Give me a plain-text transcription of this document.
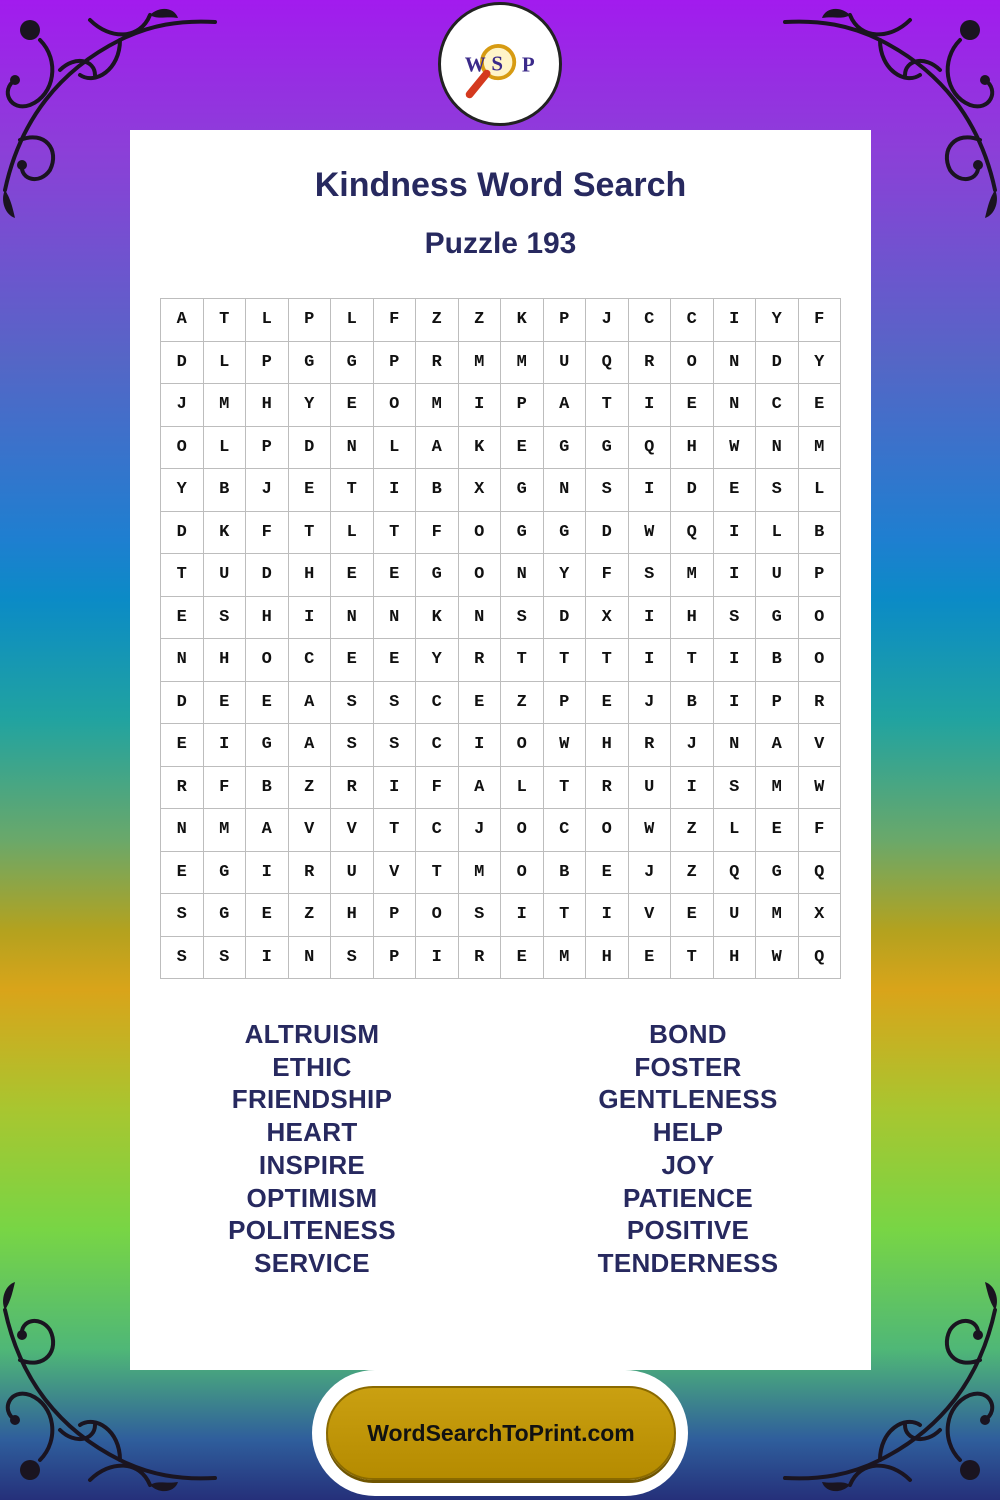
Kindness Word Search
Puzzle 193
A	T	L	P	L	F	Z	Z	K	P	J	C	C	I	Y	F
D	L	P	G	G	P	R	M	M	U	Q	R	O	N	D	Y
J	M	H	Y	E	O	M	I	P	A	T	I	E	N	C	E
O	L	P	D	N	L	A	K	E	G	G	Q	H	W	N	M
Y	B	J	E	T	I	B	X	G	N	S	I	D	E	S	L
D	K	F	T	L	T	F	O	G	G	D	W	Q	I	L	B
T	U	D	H	E	E	G	O	N	Y	F	S	M	I	U	P
E	S	H	I	N	N	K	N	S	D	X	I	H	S	G	O
N	H	O	C	E	E	Y	R	T	T	T	I	T	I	B	O
D	E	E	A	S	S	C	E	Z	P	E	J	B	I	P	R
E	I	G	A	S	S	C	I	O	W	H	R	J	N	A	V
R	F	B	Z	R	I	F	A	L	T	R	U	I	S	M	W
N	M	A	V	V	T	C	J	O	C	O	W	Z	L	E	F
E	G	I	R	U	V	T	M	O	B	E	J	Z	Q	G	Q
S	G	E	Z	H	P	O	S	I	T	I	V	E	U	M	X
S	S	I	N	S	P	I	R	E	M	H	E	T	H	W	Q
ALTRUISM
ETHIC
FRIENDSHIP
HEART
INSPIRE
OPTIMISM
POLITENESS
SERVICE
BOND
FOSTER
GENTLENESS
HELP
JOY
PATIENCE
POSITIVE
TENDERNESS
W S P
WordSearchToPrint.com
